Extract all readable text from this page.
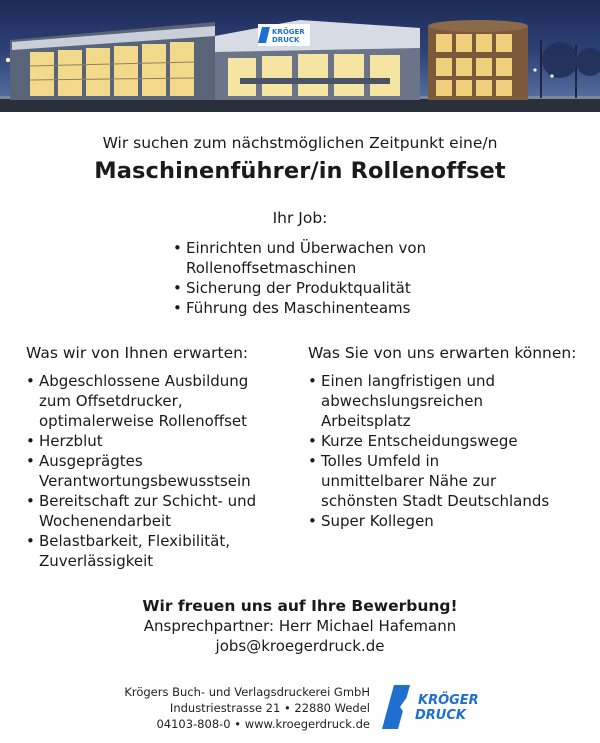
KRÖGER
DRUCK
Wir suchen zum nächstmöglichen Zeitpunkt eine/n
Maschinenführer/in Rollenoffset
Ihr Job:
• Einrichten und Überwachen von
Rollenoffsetmaschinen
• Sicherung der Produktqualität
• Führung des Maschinenteams
Was wir von Ihnen erwarten:
• Abgeschlossene Ausbildung
zum Offsetdrucker,
optimalerweise Rollenoffset
• Herzblut
• Ausgeprägtes
Verantwortungsbewusstsein
• Bereitschaft zur Schicht- und
Wochenendarbeit
• Belastbarkeit, Flexibilität,
Zuverlässigkeit
Was Sie von uns erwarten können:
• Einen langfristigen und
abwechslungsreichen
Arbeitsplatz
• Kurze Entscheidungswege
• Tolles Umfeld in
unmittelbarer Nähe zur
schönsten Stadt Deutschlands
• Super Kollegen
Wir freuen uns auf Ihre Bewerbung!
Ansprechpartner: Herr Michael Hafemann
jobs@kroegerdruck.de
Krögers Buch- und Verlagsdruckerei GmbH
Industriestrasse 21 • 22880 Wedel
04103-808-0 • www.kroegerdruck.de
KRÖGER
DRUCK
